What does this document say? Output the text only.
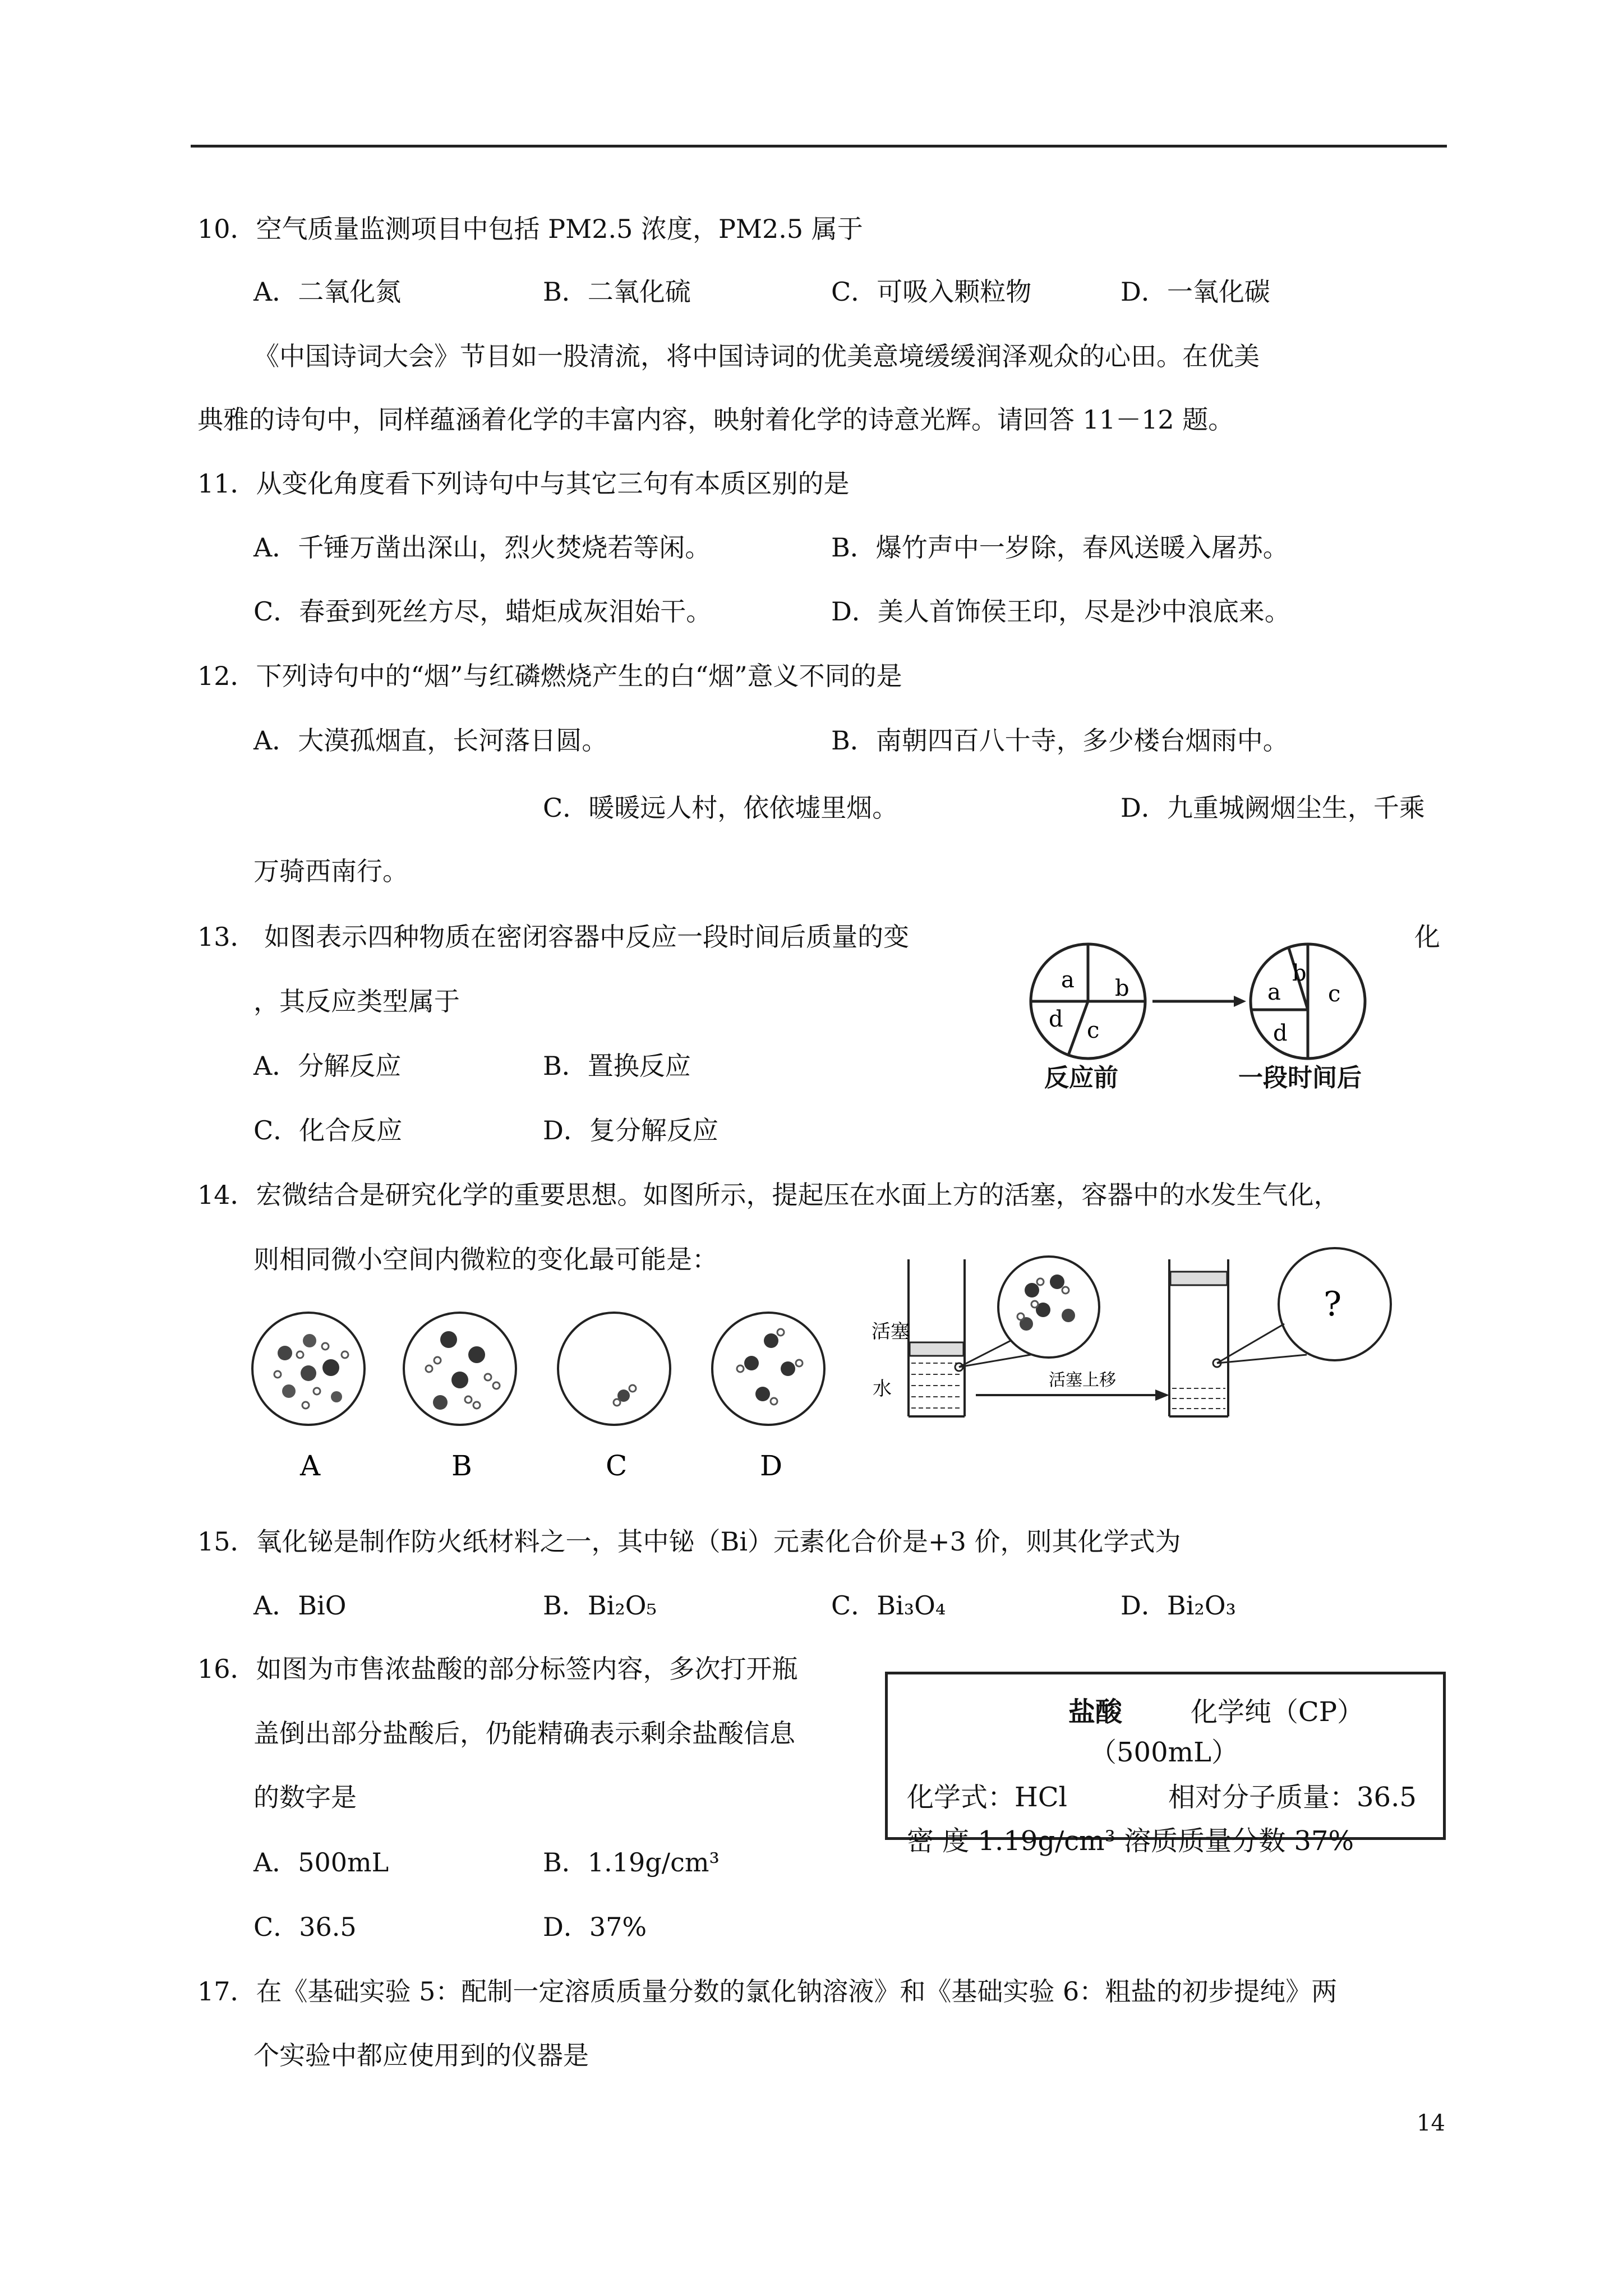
10．空气质量监测项目中包括 PM2.5 浓度，PM2.5 属于
A．二氧化氮	B．二氧化硫	C．可吸入颗粒物	D．一氧化碳
《中国诗词大会》节目如一股清流，将中国诗词的优美意境缓缓润泽观众的心田。在优美
典雅的诗句中，同样蕴涵着化学的丰富内容，映射着化学的诗意光辉。请回答 11－12 题。
11．从变化角度看下列诗句中与其它三句有本质区别的是
A．千锤万凿出深山，烈火焚烧若等闲。	B．爆竹声中一岁除，春风送暖入屠苏。
C．春蚕到死丝方尽，蜡炬成灰泪始干。	D．美人首饰侯王印，尽是沙中浪底来。
12．下列诗句中的“烟”与红磷燃烧产生的白“烟”意义不同的是
A．大漠孤烟直，长河落日圆。	B．南朝四百八十寺，多少楼台烟雨中。
C．暖暖远人村，依依墟里烟。	D．九重城阙烟尘生，千乘
万骑西南行。
13． 如图表示四种物质在密闭容器中反应一段时间后质量的变	化
，其反应类型属于
A．分解反应	B．置换反应
C．化合反应	D．复分解反应
a b
c
d
a
b
c
d
反应前	一段时间后
14．宏微结合是研究化学的重要思想。如图所示，提起压在水面上方的活塞，容器中的水发生气化，
则相同微小空间内微粒的变化最可能是：
A	B	C	D
活塞
水	活塞上移
?
15．氧化铋是制作防火纸材料之一，其中铋（Bi）元素化合价是+3 价，则其化学式为
A．BiO	B．Bi₂O₅	C．Bi₃O₄	D．Bi₂O₃
16．如图为市售浓盐酸的部分标签内容，多次打开瓶
盖倒出部分盐酸后，仍能精确表示剩余盐酸信息
的数字是
A．500mL	B．1.19g/cm³
C．36.5	D．37%
盐酸	化学纯（CP）
（500mL）
化学式：HCl	相对分子质量：36.5
密 度 1.19g/cm³ 溶质质量分数 37%
17．在《基础实验 5：配制一定溶质质量分数的氯化钠溶液》和《基础实验 6：粗盐的初步提纯》两
个实验中都应使用到的仪器是
14
